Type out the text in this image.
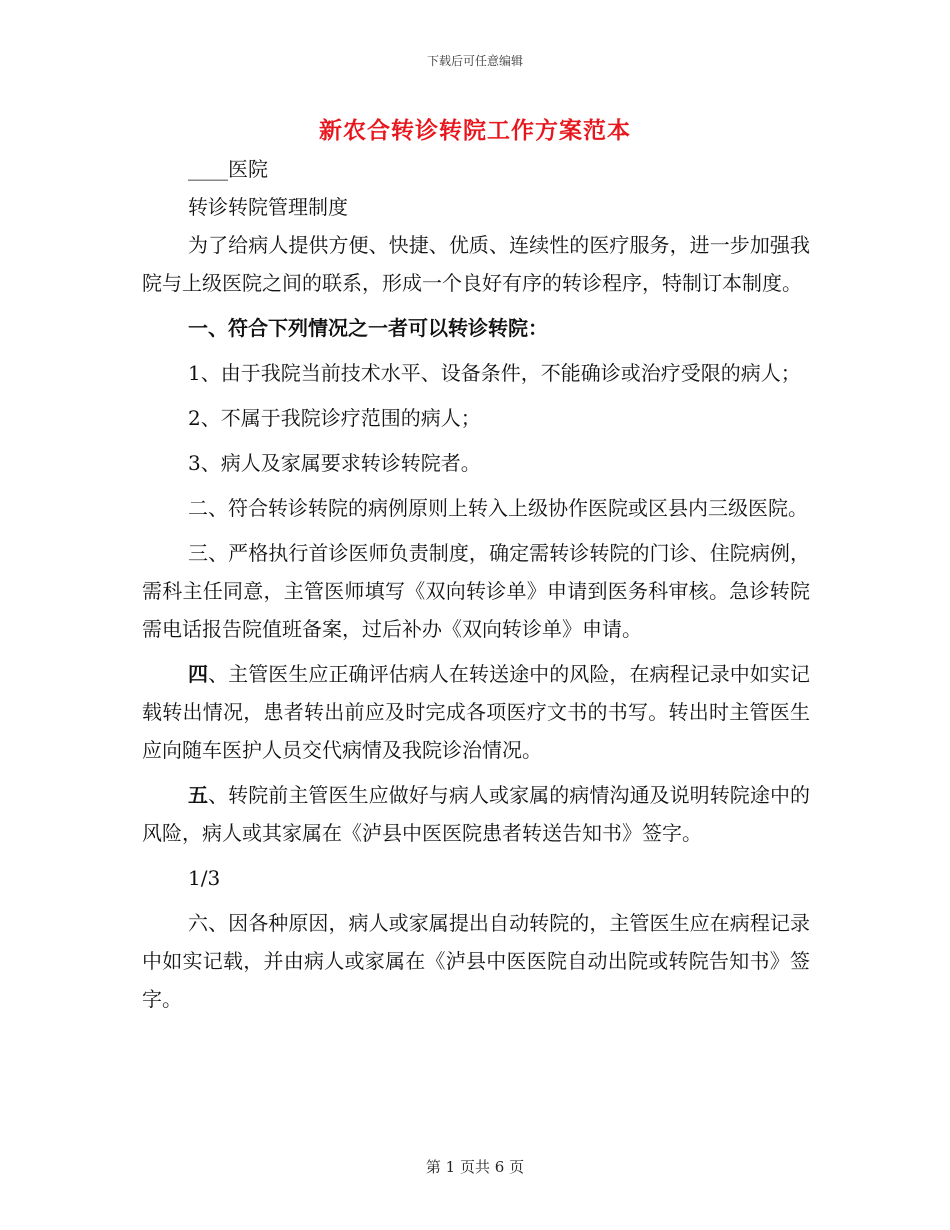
下载后可任意编辑
新农合转诊转院工作方案范本

____医院

转诊转院管理制度

为了给病人提供方便、快捷、优质、连续性的医疗服务，进一步加强我院与上级医院之间的联系，形成一个良好有序的转诊程序，特制订本制度。

一、符合下列情况之一者可以转诊转院：

1、由于我院当前技术水平、设备条件，不能确诊或治疗受限的病人；

2、不属于我院诊疗范围的病人；

3、病人及家属要求转诊转院者。

二、符合转诊转院的病例原则上转入上级协作医院或区县内三级医院。

三、严格执行首诊医师负责制度，确定需转诊转院的门诊、住院病例，需科主任同意，主管医师填写《双向转诊单》申请到医务科审核。急诊转院需电话报告院值班备案，过后补办《双向转诊单》申请。

四、主管医生应正确评估病人在转送途中的风险，在病程记录中如实记载转出情况，患者转出前应及时完成各项医疗文书的书写。转出时主管医生应向随车医护人员交代病情及我院诊治情况。

五、转院前主管医生应做好与病人或家属的病情沟通及说明转院途中的风险，病人或其家属在《泸县中医医院患者转送告知书》签字。

1/3

六、因各种原因，病人或家属提出自动转院的，主管医生应在病程记录中如实记载，并由病人或家属在《泸县中医医院自动出院或转院告知书》签字。

第 1 页共 6 页
